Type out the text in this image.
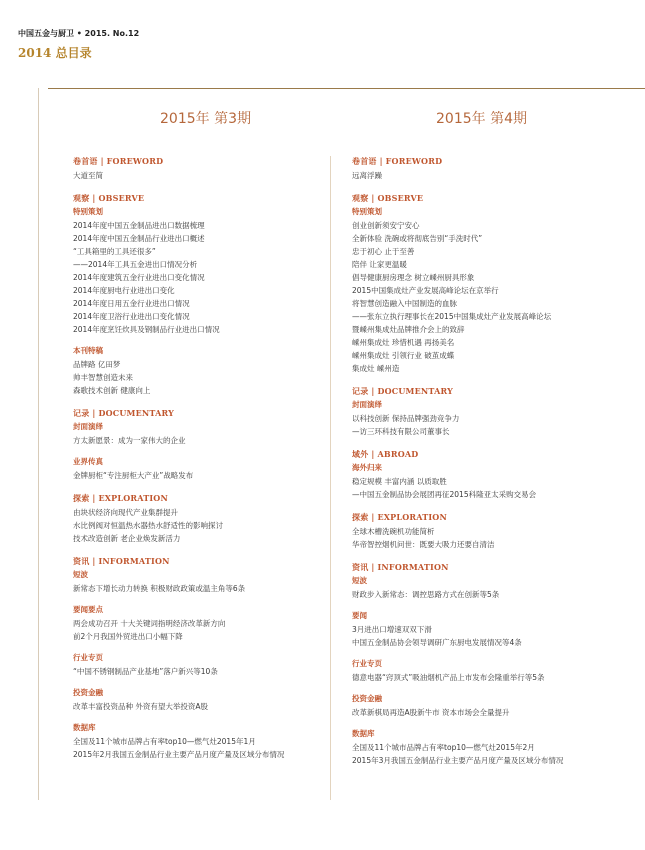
中国五金与厨卫 • 2015. No.12
2014 总目录
2015年 第3期	2015年 第4期
卷首语 | FOREWORD
大道至简
观察 | OBSERVE
特别策划
2014年度中国五金制品进出口数据梳理
2014年度中国五金制品行业进出口概述
“工具箱里的工具还很多”
——2014年工具五金进出口情况分析
2014年度建筑五金行业进出口变化情况
2014年度厨电行业进出口变化
2014年度日用五金行业进出口情况
2014年度卫浴行业进出口变化情况
2014年度烹饪炊具及钢制品行业进出口情况
本刊特稿
品牌路 亿田梦
帅丰智慧创造未来
森歌技术创新 健康向上
记录 | DOCUMENTARY
封面演绎
方太新愿景：成为一家伟大的企业
业界传真
金牌厨柜“专注厨柜大产业”战略发布
探索 | EXPLORATION
由块状经济向现代产业集群提升
水比例阀对恒温热水器热水舒适性的影响探讨
技术改造创新 老企业焕发新活力
资讯 | INFORMATION
短波
新常态下增长动力转换 积极财政政策或温主角等6条
要闻要点
两会成功召开 十大关键词指明经济改革新方向
前2个月我国外贸进出口小幅下降
行业专页
“中国不锈钢制品产业基地”落户新兴等10条
投资金融
改革丰富投资品种 外资有望大举投资A股
数据库
全国及11个城市品牌占有率top10—燃气灶2015年1月
2015年2月我国五金制品行业主要产品月度产量及区域分布情况
卷首语 | FOREWORD
远离浮躁
观察 | OBSERVE
特别策划
创业创新须安宁安心
全新体验 洗碗或将彻底告别“手洗时代”
忠于初心 止于至善
陪伴 让家更温暖
倡导健康厨房理念 树立嵊州厨具形象
2015中国集成灶产业发展高峰论坛在京举行
将智慧创造融入中国制造的血脉
——张东立执行理事长在2015中国集成灶产业发展高峰论坛
暨嵊州集成灶品牌推介会上的致辞
嵊州集成灶 珍惜机遇 再扬美名
嵊州集成灶 引领行业 破茧成蝶
集成灶 嵊州造
记录 | DOCUMENTARY
封面演绎
以科技创新 保持品牌强劲竞争力
—访三环科技有限公司董事长
域外 | ABROAD
海外归来
稳定规模 丰富内涵 以质取胜
—中国五金制品协会展团再征2015科隆亚太采购交易会
探索 | EXPLORATION
全球木槽洗碗机功能简析
华帝智控烟机问世：既要大吸力还要自清洁
资讯 | INFORMATION
短波
财政步入新常态：调控思路方式在创新等5条
要闻
3月进出口增速双双下滑
中国五金制品协会领导调研广东厨电发展情况等4条
行业专页
德意电器“窍顶式”吸油烟机产品上市发布会隆重举行等5条
投资金融
改革新棋局再造A股新牛市 资本市场会全量提升
数据库
全国及11个城市品牌占有率top10—燃气灶2015年2月
2015年3月我国五金制品行业主要产品月度产量及区域分布情况
